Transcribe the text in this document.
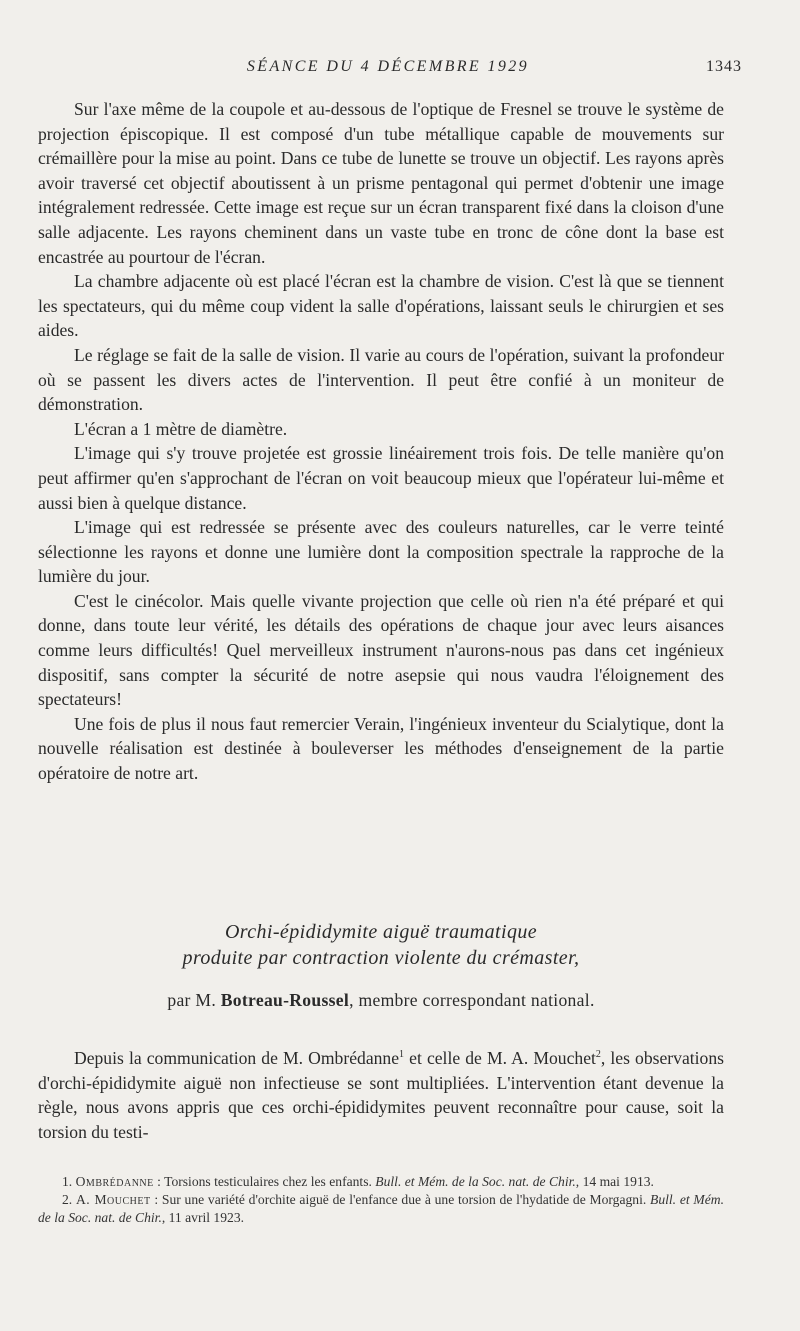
SÉANCE DU 4 DÉCEMBRE 1929	1343

Sur l'axe même de la coupole et au-dessous de l'optique de Fresnel se trouve le système de projection épiscopique. Il est composé d'un tube métallique capable de mouvements sur crémaillère pour la mise au point. Dans ce tube de lunette se trouve un objectif. Les rayons après avoir traversé cet objectif aboutissent à un prisme pentagonal qui permet d'obtenir une image intégralement redressée. Cette image est reçue sur un écran transparent fixé dans la cloison d'une salle adjacente. Les rayons cheminent dans un vaste tube en tronc de cône dont la base est encastrée au pourtour de l'écran.

La chambre adjacente où est placé l'écran est la chambre de vision. C'est là que se tiennent les spectateurs, qui du même coup vident la salle d'opérations, laissant seuls le chirurgien et ses aides.

Le réglage se fait de la salle de vision. Il varie au cours de l'opération, suivant la profondeur où se passent les divers actes de l'intervention. Il peut être confié à un moniteur de démonstration.

L'écran a 1 mètre de diamètre.

L'image qui s'y trouve projetée est grossie linéairement trois fois. De telle manière qu'on peut affirmer qu'en s'approchant de l'écran on voit beaucoup mieux que l'opérateur lui-même et aussi bien à quelque distance.

L'image qui est redressée se présente avec des couleurs naturelles, car le verre teinté sélectionne les rayons et donne une lumière dont la composition spectrale la rapproche de la lumière du jour.

C'est le cinécolor. Mais quelle vivante projection que celle où rien n'a été préparé et qui donne, dans toute leur vérité, les détails des opérations de chaque jour avec leurs aisances comme leurs difficultés! Quel merveilleux instrument n'aurons-nous pas dans cet ingénieux dispositif, sans compter la sécurité de notre asepsie qui nous vaudra l'éloignement des spectateurs!

Une fois de plus il nous faut remercier Verain, l'ingénieux inventeur du Scialytique, dont la nouvelle réalisation est destinée à bouleverser les méthodes d'enseignement de la partie opératoire de notre art.

Orchi-épididymite aiguë traumatique
produite par contraction violente du crémaster,
par M. Botreau-Roussel, membre correspondant national.

Depuis la communication de M. Ombrédanne$^1$ et celle de M. A. Mouchet$^2$, les observations d'orchi-épididymite aiguë non infectieuse se sont multipliées. L'intervention étant devenue la règle, nous avons appris que ces orchi-épididymites peuvent reconnaître pour cause, soit la torsion du testi-

1. Ombrédanne : Torsions testiculaires chez les enfants. Bull. et Mém. de la Soc. nat. de Chir., 14 mai 1913.

2. A. Mouchet : Sur une variété d'orchite aiguë de l'enfance due à une torsion de l'hydatide de Morgagni. Bull. et Mém. de la Soc. nat. de Chir., 11 avril 1923.
